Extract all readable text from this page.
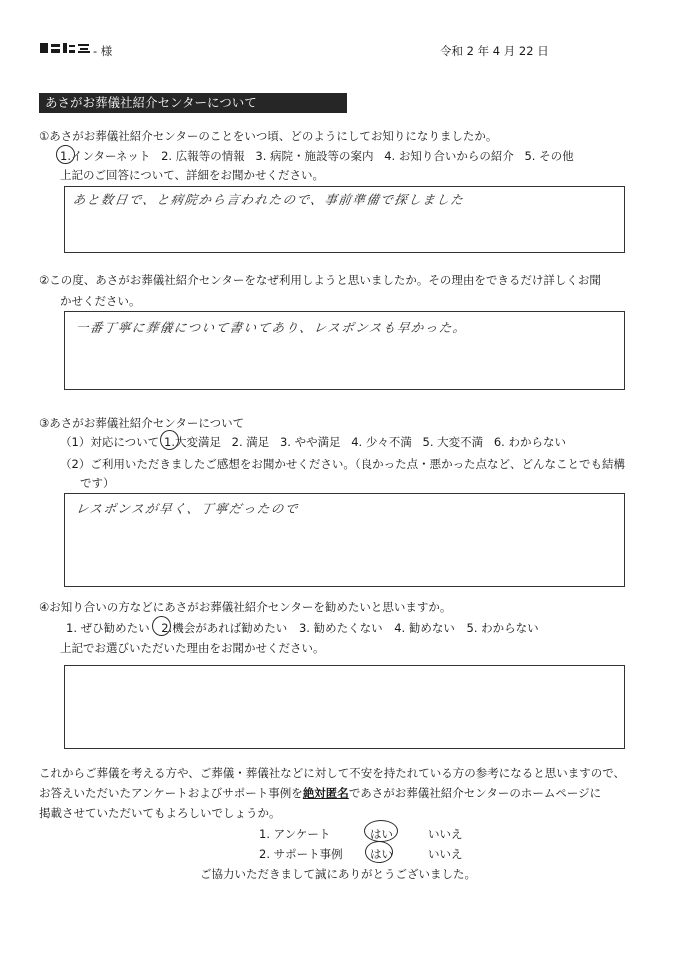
- 様	令和 2 年 4 月 22 日
あさがお葬儀社紹介センターについて
①あさがお葬儀社紹介センターのことをいつ頃、どのようにしてお知りになりましたか。
1.インターネット 2. 広報等の情報 3. 病院・施設等の案内 4. お知り合いからの紹介 5. その他
上記のご回答について、詳細をお聞かせください。
あと数日で、と病院から言われたので、事前準備で探しました
②この度、あさがお葬儀社紹介センターをなぜ利用しようと思いましたか。その理由をできるだけ詳しくお聞
かせください。
一番丁寧に葬儀について書いてあり、レスポンスも早かった。
③あさがお葬儀社紹介センターについて
（1）対応について 1.大変満足 2. 満足 3. やや満足 4. 少々不満 5. 大変不満 6. わからない
（2）ご利用いただきましたご感想をお聞かせください。（良かった点・悪かった点など、どんなことでも結構
です）
レスポンスが早く、丁寧だったので
④お知り合いの方などにあさがお葬儀社紹介センターを勧めたいと思いますか。
1. ぜひ勧めたい 2.機会があれば勧めたい 3. 勧めたくない 4. 勧めない 5. わからない
上記でお選びいただいた理由をお聞かせください。
これからご葬儀を考える方や、ご葬儀・葬儀社などに対して不安を持たれている方の参考になると思いますので、
お答えいただいたアンケートおよびサポート事例を絶対匿名であさがお葬儀社紹介センターのホームページに
掲載させていただいてもよろしいでしょうか。
1. アンケート	はい	いいえ
2. サポート事例 はい	いいえ
ご協力いただきまして誠にありがとうございました。
